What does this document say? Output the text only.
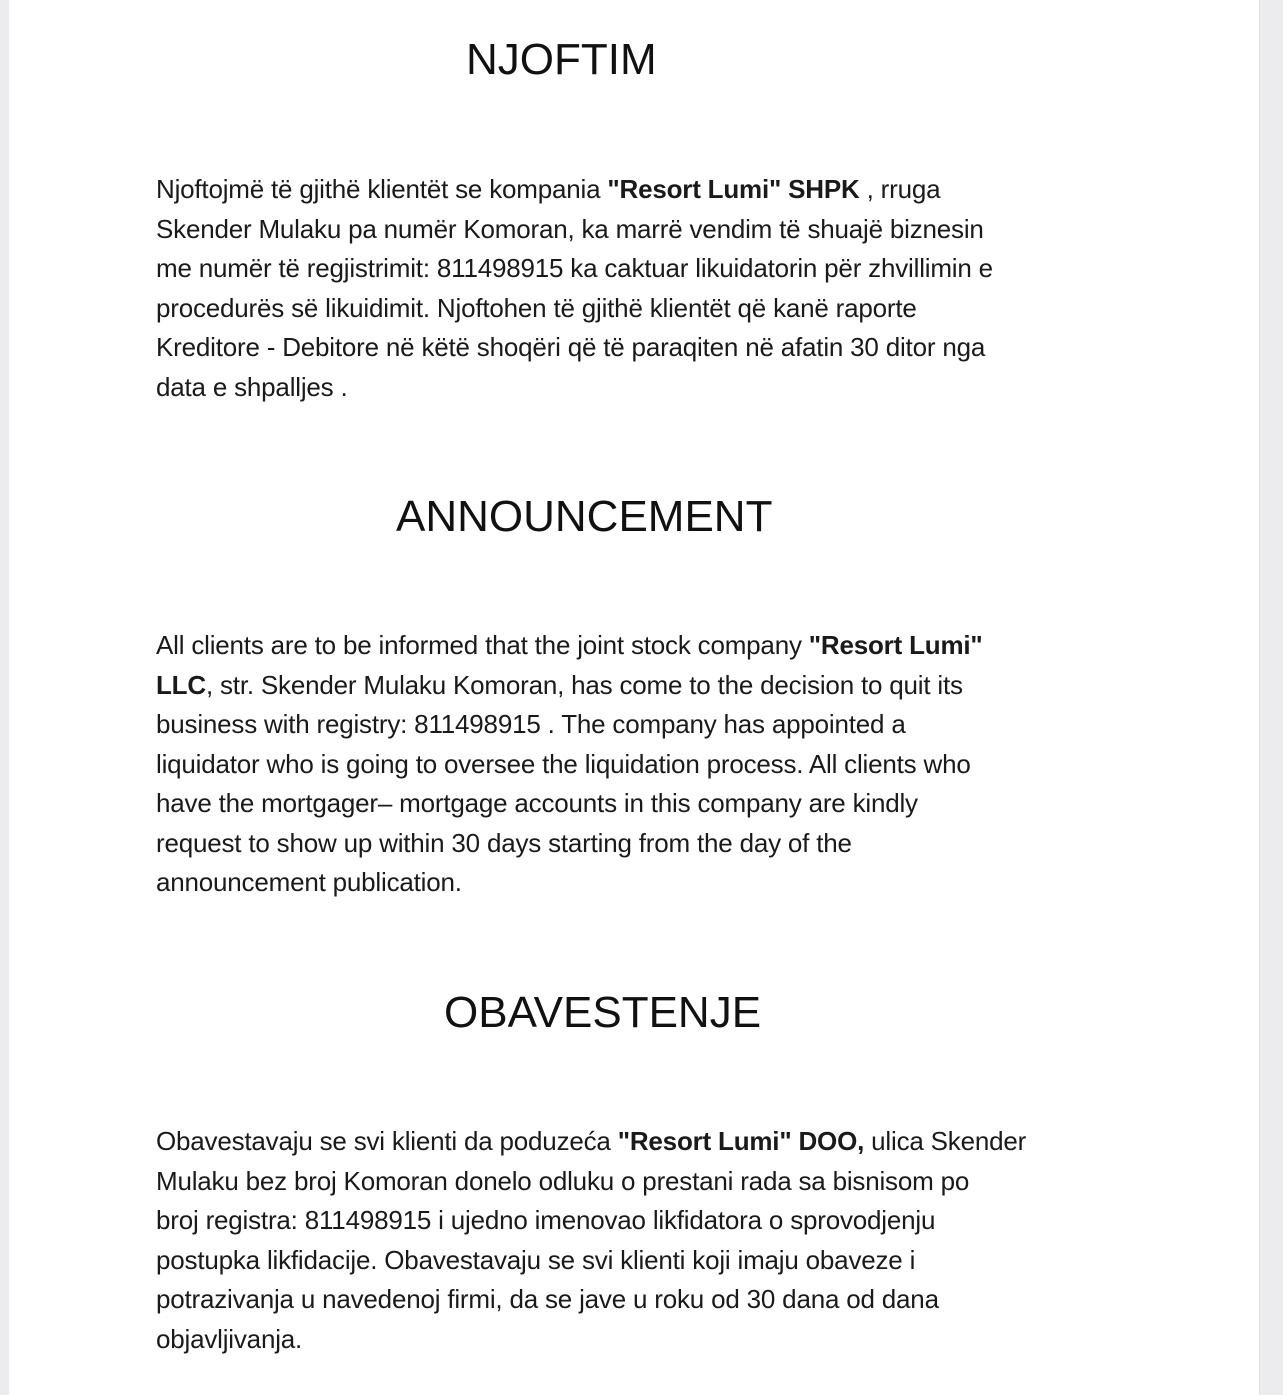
NJOFTIM
Njoftojmë të gjithë klientët se kompania "Resort Lumi" SHPK , rruga
Skender Mulaku pa numër Komoran, ka marrë vendim të shuajë biznesin
me numër të regjistrimit: 811498915 ka caktuar likuidatorin për zhvillimin e
procedurës së likuidimit. Njoftohen të gjithë klientët që kanë raporte
Kreditore - Debitore në këtë shoqëri që të paraqiten në afatin 30 ditor nga
data e shpalljes .
ANNOUNCEMENT
All clients are to be informed that the joint stock company "Resort Lumi"
LLC, str. Skender Mulaku Komoran, has come to the decision to quit its
business with registry: 811498915 . The company has appointed a
liquidator who is going to oversee the liquidation process. All clients who
have the mortgager– mortgage accounts in this company are kindly
request to show up within 30 days starting from the day of the
announcement publication.
OBAVESTENJE
Obavestavaju se svi klienti da poduzeća "Resort Lumi" DOO, ulica Skender
Mulaku bez broj Komoran donelo odluku o prestani rada sa bisnisom po
broj registra: 811498915 i ujedno imenovao likfidatora o sprovodjenju
postupka likfidacije. Obavestavaju se svi klienti koji imaju obaveze i
potrazivanja u navedenoj firmi, da se jave u roku od 30 dana od dana
objavljivanja.
